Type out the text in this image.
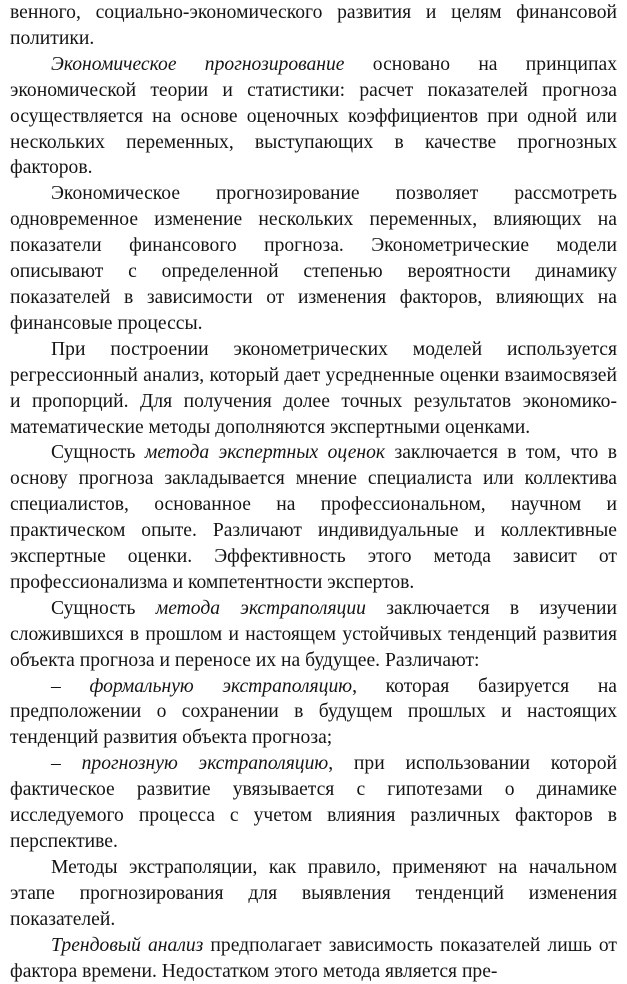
венного, социально-экономического развития и целям финансовой политики.

Экономическое прогнозирование основано на принципах экономической теории и статистики: расчет показателей прогноза осуществляется на основе оценочных коэффициентов при одной или нескольких переменных, выступающих в качестве прогнозных факторов.

Экономическое прогнозирование позволяет рассмотреть одновременное изменение нескольких переменных, влияющих на показатели финансового прогноза. Эконометрические модели описывают с определенной степенью вероятности динамику показателей в зависимости от изменения факторов, влияющих на финансовые процессы.

При построении эконометрических моделей используется регрессионный анализ, который дает усредненные оценки взаимосвязей и пропорций. Для получения долее точных результатов экономико-математические методы дополняются экспертными оценками.

Сущность метода экспертных оценок заключается в том, что в основу прогноза закладывается мнение специалиста или коллектива специалистов, основанное на профессиональном, научном и практическом опыте. Различают индивидуальные и коллективные экспертные оценки. Эффективность этого метода зависит от профессионализма и компетентности экспертов.

Сущность метода экстраполяции заключается в изучении сложившихся в прошлом и настоящем устойчивых тенденций развития объекта прогноза и переносе их на будущее. Различают:

– формальную экстраполяцию, которая базируется на предположении о сохранении в будущем прошлых и настоящих тенденций развития объекта прогноза;

– прогнозную экстраполяцию, при использовании которой фактическое развитие увязывается с гипотезами о динамике исследуемого процесса с учетом влияния различных факторов в перспективе.

Методы экстраполяции, как правило, применяют на начальном этапе прогнозирования для выявления тенденций изменения показателей.

Трендовый анализ предполагает зависимость показателей лишь от фактора времени. Недостатком этого метода является пре-
